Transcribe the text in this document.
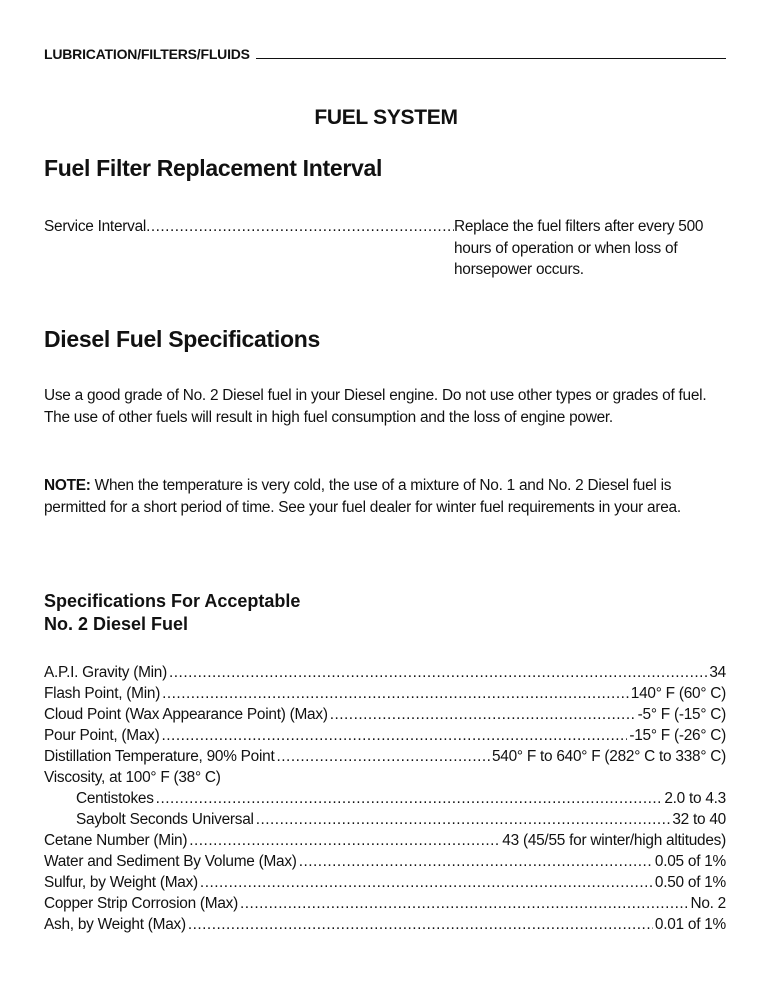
LUBRICATION/FILTERS/FLUIDS
FUEL SYSTEM
Fuel Filter Replacement Interval
Service Interval .....	Replace the fuel filters after every 500 hours of operation or when loss of horsepower occurs.
Diesel Fuel Specifications
Use a good grade of No. 2 Diesel fuel in your Diesel engine. Do not use other types or grades of fuel. The use of other fuels will result in high fuel consumption and the loss of engine power.
NOTE: When the temperature is very cold, the use of a mixture of No. 1 and No. 2 Diesel fuel is permitted for a short period of time. See your fuel dealer for winter fuel requirements in your area.
Specifications For Acceptable
No. 2 Diesel Fuel
A.P.I. Gravity (Min) .....	34
Flash Point, (Min) .....	140° F (60° C)
Cloud Point (Wax Appearance Point) (Max) .....	-5° F (-15° C)
Pour Point, (Max) .....	-15° F (-26° C)
Distillation Temperature, 90% Point .....	540° F to 640° F (282° C to 338° C)
Viscosity, at 100° F (38° C)
Centistokes .....	2.0 to 4.3
Saybolt Seconds Universal .....	32 to 40
Cetane Number (Min) .....	43 (45/55 for winter/high altitudes)
Water and Sediment By Volume (Max) .....	0.05 of 1%
Sulfur, by Weight (Max) .....	0.50 of 1%
Copper Strip Corrosion (Max) .....	No. 2
Ash, by Weight (Max) .....	0.01 of 1%
